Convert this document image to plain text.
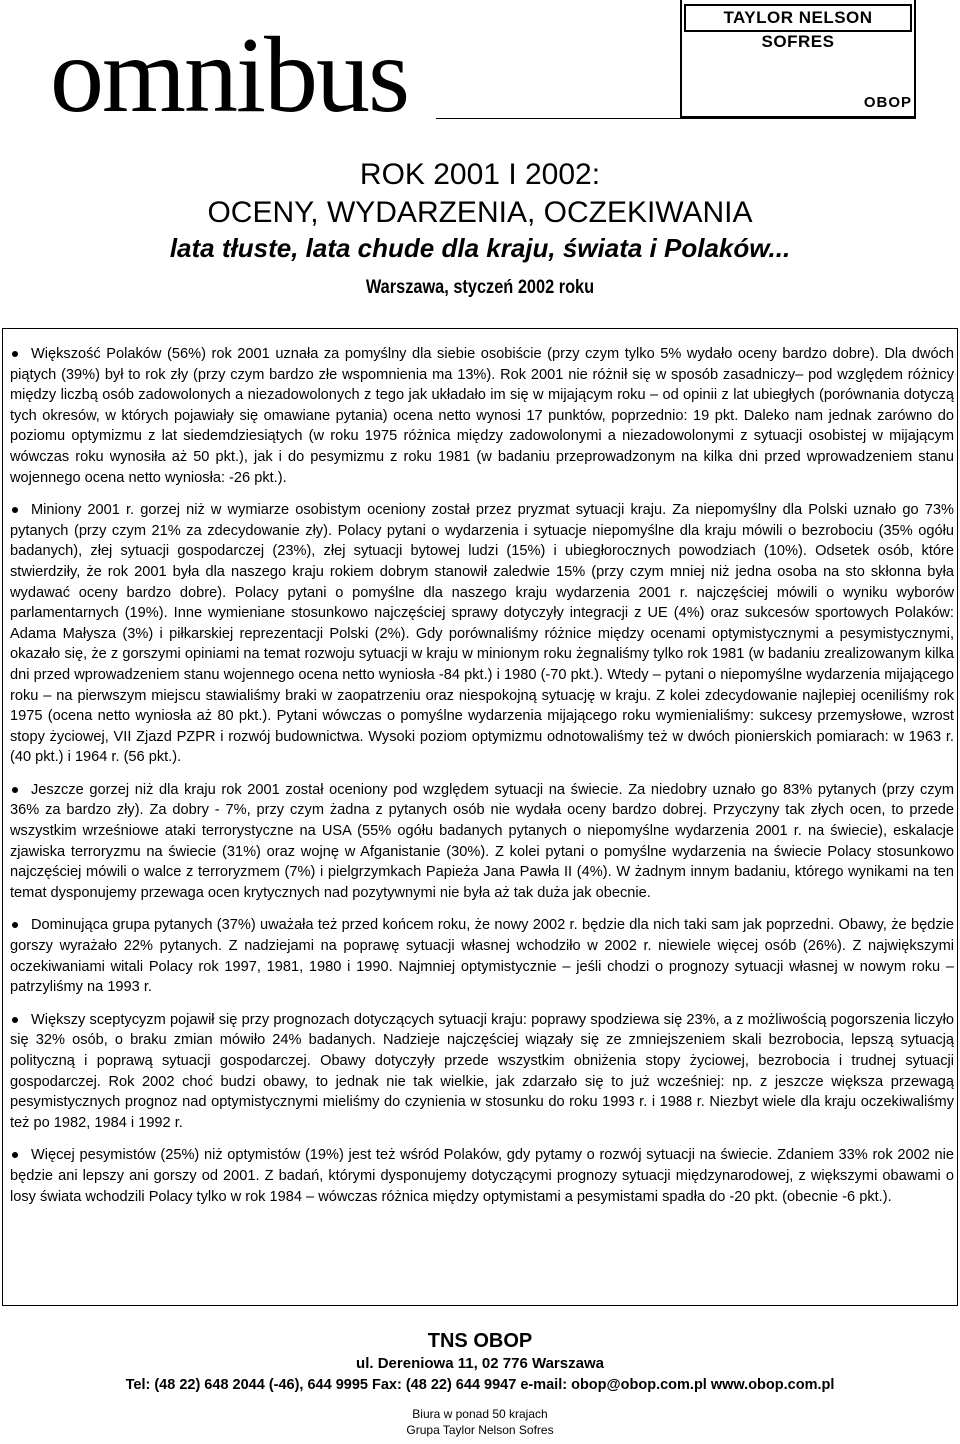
omnibus	TAYLOR NELSON SOFRES
OBOP
ROK 2001 I 2002:
OCENY, WYDARZENIA, OCZEKIWANIA
lata tłuste, lata chude dla kraju, świata i Polaków...
Warszawa, styczeń 2002 roku
Większość Polaków (56%) rok 2001 uznała za pomyślny dla siebie osobiście (przy czym tylko 5% wydało oceny bardzo dobre). Dla dwóch piątych (39%) był to rok zły (przy czym bardzo złe wspomnienia ma 13%). Rok 2001 nie różnił się w sposób zasadniczy– pod względem różnicy między liczbą osób zadowolonych a niezadowolonych z tego jak układało im się w mijającym roku – od opinii z lat ubiegłych (porównania dotyczą tych okresów, w których pojawiały się omawiane pytania) ocena netto wynosi 17 punktów, poprzednio: 19 pkt. Daleko nam jednak zarówno do poziomu optymizmu z lat siedemdziesiątych (w roku 1975 różnica między zadowolonymi a niezadowolonymi z sytuacji osobistej w mijającym wówczas roku wynosiła aż 50 pkt.), jak i do pesymizmu z roku 1981 (w badaniu przeprowadzonym na kilka dni przed wprowadzeniem stanu wojennego ocena netto wyniosła: -26 pkt.).
Miniony 2001 r. gorzej niż w wymiarze osobistym oceniony został przez pryzmat sytuacji kraju. Za niepomyślny dla Polski uznało go 73% pytanych (przy czym 21% za zdecydowanie zły). Polacy pytani o wydarzenia i sytuacje niepomyślne dla kraju mówili o bezrobociu (35% ogółu badanych), złej sytuacji gospodarczej (23%), złej sytuacji bytowej ludzi (15%) i ubiegłorocznych powodziach (10%). Odsetek osób, które stwierdziły, że rok 2001 była dla naszego kraju rokiem dobrym stanowił zaledwie 15% (przy czym mniej niż jedna osoba na sto skłonna była wydawać oceny bardzo dobre). Polacy pytani o pomyślne dla naszego kraju wydarzenia 2001 r. najczęściej mówili o wyniku wyborów parlamentarnych (19%). Inne wymieniane stosunkowo najczęściej sprawy dotyczyły integracji z UE (4%) oraz sukcesów sportowych Polaków: Adama Małysza (3%) i piłkarskiej reprezentacji Polski (2%). Gdy porównaliśmy różnice między ocenami optymistycznymi a pesymistycznymi, okazało się, że z gorszymi opiniami na temat rozwoju sytuacji w kraju w minionym roku żegnaliśmy tylko rok 1981 (w badaniu zrealizowanym kilka dni przed wprowadzeniem stanu wojennego ocena netto wyniosła -84 pkt.) i 1980 (-70 pkt.). Wtedy – pytani o niepomyślne wydarzenia mijającego roku – na pierwszym miejscu stawialiśmy braki w zaopatrzeniu oraz niespokojną sytuację w kraju. Z kolei zdecydowanie najlepiej oceniliśmy rok 1975 (ocena netto wyniosła aż 80 pkt.). Pytani wówczas o pomyślne wydarzenia mijającego roku wymienialiśmy: sukcesy przemysłowe, wzrost stopy życiowej, VII Zjazd PZPR i rozwój budownictwa. Wysoki poziom optymizmu odnotowaliśmy też w dwóch pionierskich pomiarach: w 1963 r. (40 pkt.) i 1964 r. (56 pkt.).
Jeszcze gorzej niż dla kraju rok 2001 został oceniony pod względem sytuacji na świecie. Za niedobry uznało go 83% pytanych (przy czym 36% za bardzo zły). Za dobry - 7%, przy czym żadna z pytanych osób nie wydała oceny bardzo dobrej. Przyczyny tak złych ocen, to przede wszystkim wrześniowe ataki terrorystyczne na USA (55% ogółu badanych pytanych o niepomyślne wydarzenia 2001 r. na świecie), eskalacje zjawiska terroryzmu na świecie (31%) oraz wojnę w Afganistanie (30%). Z kolei pytani o pomyślne wydarzenia na świecie Polacy stosunkowo najczęściej mówili o walce z terroryzmem (7%) i pielgrzymkach Papieża Jana Pawła II (4%). W żadnym innym badaniu, którego wynikami na ten temat dysponujemy przewaga ocen krytycznych nad pozytywnymi nie była aż tak duża jak obecnie.
Dominująca grupa pytanych (37%) uważała też przed końcem roku, że nowy 2002 r. będzie dla nich taki sam jak poprzedni. Obawy, że będzie gorszy wyrażało 22% pytanych. Z nadziejami na poprawę sytuacji własnej wchodziło w 2002 r. niewiele więcej osób (26%). Z największymi oczekiwaniami witali Polacy rok 1997, 1981, 1980 i 1990. Najmniej optymistycznie – jeśli chodzi o prognozy sytuacji własnej w nowym roku – patrzyliśmy na 1993 r.
Większy sceptycyzm pojawił się przy prognozach dotyczących sytuacji kraju: poprawy spodziewa się 23%, a z możliwością pogorszenia liczyło się 32% osób, o braku zmian mówiło 24% badanych. Nadzieje najczęściej wiązały się ze zmniejszeniem skali bezrobocia, lepszą sytuacją polityczną i poprawą sytuacji gospodarczej. Obawy dotyczyły przede wszystkim obniżenia stopy życiowej, bezrobocia i trudnej sytuacji gospodarczej. Rok 2002 choć budzi obawy, to jednak nie tak wielkie, jak zdarzało się to już wcześniej: np. z jeszcze większa przewagą pesymistycznych prognoz nad optymistycznymi mieliśmy do czynienia w stosunku do roku 1993 r. i 1988 r. Niezbyt wiele dla kraju oczekiwaliśmy też po 1982, 1984 i 1992 r.
Więcej pesymistów (25%) niż optymistów (19%) jest też wśród Polaków, gdy pytamy o rozwój sytuacji na świecie. Zdaniem 33% rok 2002 nie będzie ani lepszy ani gorszy od 2001. Z badań, którymi dysponujemy dotyczącymi prognozy sytuacji międzynarodowej, z większymi obawami o losy świata wchodzili Polacy tylko w rok 1984 – wówczas różnica między optymistami a pesymistami spadła do -20 pkt. (obecnie -6 pkt.).
TNS OBOP
ul. Dereniowa 11, 02 776 Warszawa
Tel: (48 22) 648 2044 (-46), 644 9995 Fax: (48 22) 644 9947 e-mail: obop@obop.com.pl www.obop.com.pl
Biura w ponad 50 krajach
Grupa Taylor Nelson Sofres
